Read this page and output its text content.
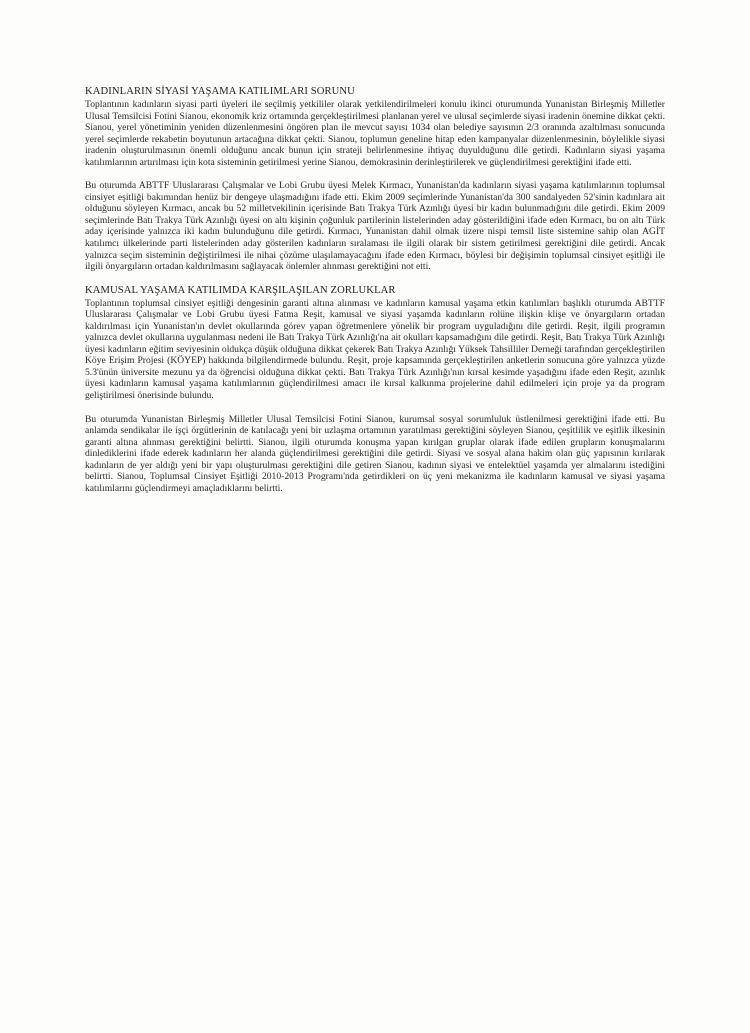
KADINLARIN SİYASİ YAŞAMA KATILIMLARI SORUNU

Toplantının kadınların siyasi parti üyeleri ile seçilmiş yetkililer olarak yetkilendirilmeleri konulu ikinci oturumunda Yunanistan Birleşmiş Milletler Ulusal Temsilcisi Fotini Sianou, ekonomik kriz ortamında gerçekleştirilmesi planlanan yerel ve ulusal seçimlerde siyasi iradenin önemine dikkat çekti. Sianou, yerel yönetiminin yeniden düzenlenmesini öngören plan ile mevcut sayısı 1034 olan belediye sayısının 2/3 oranında azaltılması sonucunda yerel seçimlerde rekabetin boyutunun artacağına dikkat çekti. Sianou, toplumun geneline hitap eden kampanyalar düzenlenmesinin, böylelikle siyasi iradenin oluşturulmasının önemli olduğunu ancak bunun için strateji belirlenmesine ihtiyaç duyulduğunu dile getirdi. Kadınların siyasi yaşama katılımlarının artırılması için kota sisteminin getirilmesi yerine Sianou, demokrasinin derinleştirilerek ve güçlendirilmesi gerektiğini ifade etti.

Bu oturumda ABTTF Uluslararası Çalışmalar ve Lobi Grubu üyesi Melek Kırmacı, Yunanistan'da kadınların siyasi yaşama katılımlarının toplumsal cinsiyet eşitliği bakımından henüz bir dengeye ulaşmadığını ifade etti. Ekim 2009 seçimlerinde Yunanistan'da 300 sandalyeden 52'sinin kadınlara ait olduğunu söyleyen Kırmacı, ancak bu 52 milletvekilinin içerisinde Batı Trakya Türk Azınlığı üyesi bir kadın bulunmadığını dile getirdi. Ekim 2009 seçimlerinde Batı Trakya Türk Azınlığı üyesi on altı kişinin çoğunluk partilerinin listelerinden aday gösterildiğini ifade eden Kırmacı, bu on altı Türk aday içerisinde yalnızca iki kadın bulunduğunu dile getirdi. Kırmacı, Yunanistan dahil olmak üzere nispi temsil liste sistemine sahip olan AGİT katılımcı ülkelerinde parti listelerinden aday gösterilen kadınların sıralaması ile ilgili olarak bir sistem getirilmesi gerektiğini dile getirdi. Ancak yalnızca seçim sisteminin değiştirilmesi ile nihai çözüme ulaşılamayacağını ifade eden Kırmacı, böylesi bir değişimin toplumsal cinsiyet eşitliği ile ilgili önyargıların ortadan kaldırılmasını sağlayacak önlemler alınması gerektiğini not etti.

KAMUSAL YAŞAMA KATILIMDA KARŞILAŞILAN ZORLUKLAR

Toplantının toplumsal cinsiyet eşitliği dengesinin garanti altına alınması ve kadınların kamusal yaşama etkin katılımları başlıklı oturumda ABTTF Uluslararası Çalışmalar ve Lobi Grubu üyesi Fatma Reşit, kamusal ve siyasi yaşamda kadınların rolüne ilişkin klişe ve önyargıların ortadan kaldırılması için Yunanistan'ın devlet okullarında görev yapan öğretmenlere yönelik bir program uyguladığını dile getirdi. Reşit, ilgili programın yalnızca devlet okullarına uygulanması nedeni ile Batı Trakya Türk Azınlığı'na ait okulları kapsamadığını dile getirdi. Reşit, Batı Trakya Türk Azınlığı üyesi kadınların eğitim seviyesinin oldukça düşük olduğuna dikkat çekerek Batı Trakya Azınlığı Yüksek Tahsilliler Derneği tarafından gerçekleştirilen Köye Erişim Projesi (KÖYEP) hakkında bilgilendirmede bulundu. Reşit, proje kapsamında gerçekleştirilen anketlerin sonucuna göre yalnızca yüzde 5.3'ünün üniversite mezunu ya da öğrencisi olduğuna dikkat çekti. Batı Trakya Türk Azınlığı'nın kırsal kesimde yaşadığını ifade eden Reşit, azınlık üyesi kadınların kamusal yaşama katılımlarının güçlendirilmesi amacı ile kırsal kalkınma projelerine dahil edilmeleri için proje ya da program geliştirilmesi önerisinde bulundu.

Bu oturumda Yunanistan Birleşmiş Milletler Ulusal Temsilcisi Fotini Sianou, kurumsal sosyal sorumluluk üstlenilmesi gerektiğini ifade etti. Bu anlamda sendikalar ile işçi örgütlerinin de katılacağı yeni bir uzlaşma ortamının yaratılması gerektiğini söyleyen Sianou, çeşitlilik ve eşitlik ilkesinin garanti altına alınması gerektiğini belirtti. Sianou, ilgili oturumda konuşma yapan kırılgan gruplar olarak ifade edilen grupların konuşmalarını dinlediklerini ifade ederek kadınların her alanda güçlendirilmesi gerektiğini dile getirdi. Siyasi ve sosyal alana hakim olan güç yapısının kırılarak kadınların de yer aldığı yeni bir yapı oluşturulması gerektiğini dile getiren Sianou, kadının siyasi ve entelektüel yaşamda yer almalarını istediğini belirtti. Sianou, Toplumsal Cinsiyet Eşitliği 2010-2013 Programı'nda getirdikleri on üç yeni mekanizma ile kadınların kamusal ve siyasi yaşama katılımlarını güçlendirmeyi amaçladıklarını belirtti.
